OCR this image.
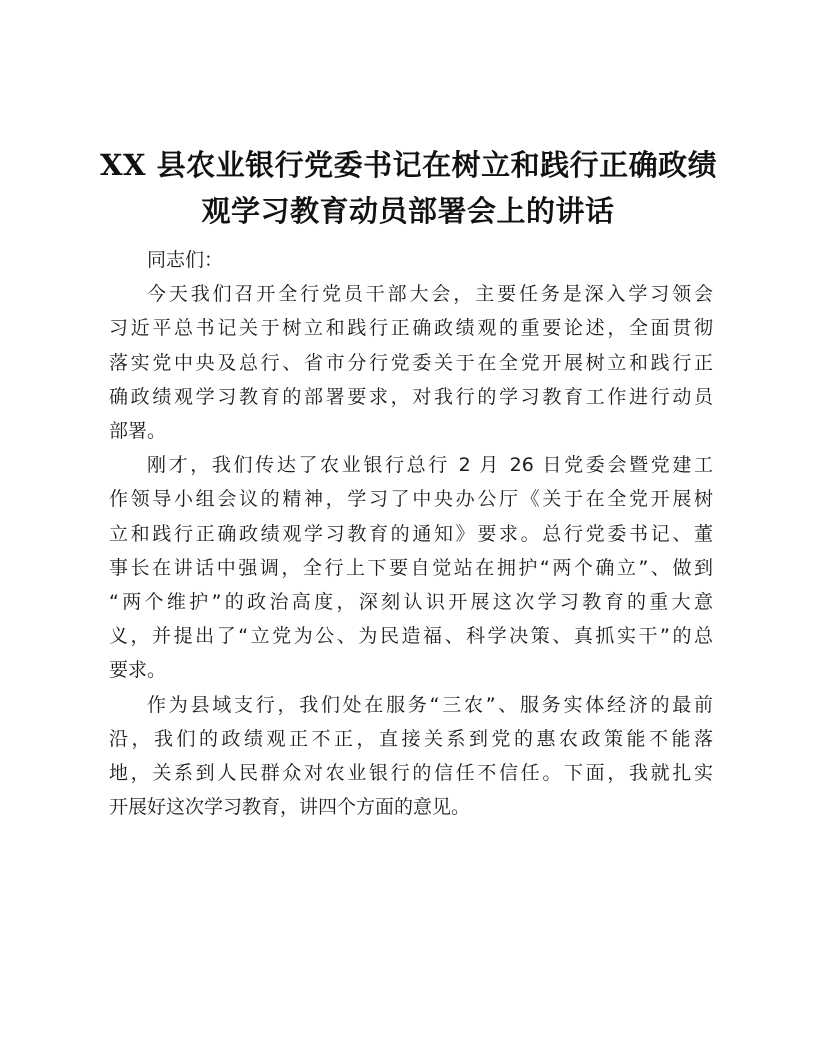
XX 县农业银行党委书记在树立和践行正确政绩
观学习教育动员部署会上的讲话
同志们：
今天我们召开全行党员干部大会，主要任务是深入学习领会
习近平总书记关于树立和践行正确政绩观的重要论述，全面贯彻
落实党中央及总行、省市分行党委关于在全党开展树立和践行正
确政绩观学习教育的部署要求，对我行的学习教育工作进行动员
部署。
刚才，我们传达了农业银行总行 2 月 26 日党委会暨党建工
作领导小组会议的精神，学习了中央办公厅《关于在全党开展树
立和践行正确政绩观学习教育的通知》要求。总行党委书记、董
事长在讲话中强调，全行上下要自觉站在拥护“两个确立”、做到
“两个维护”的政治高度，深刻认识开展这次学习教育的重大意
义，并提出了“立党为公、为民造福、科学决策、真抓实干”的总
要求。
作为县域支行，我们处在服务“三农”、服务实体经济的最前
沿，我们的政绩观正不正，直接关系到党的惠农政策能不能落
地，关系到人民群众对农业银行的信任不信任。下面，我就扎实
开展好这次学习教育，讲四个方面的意见。
